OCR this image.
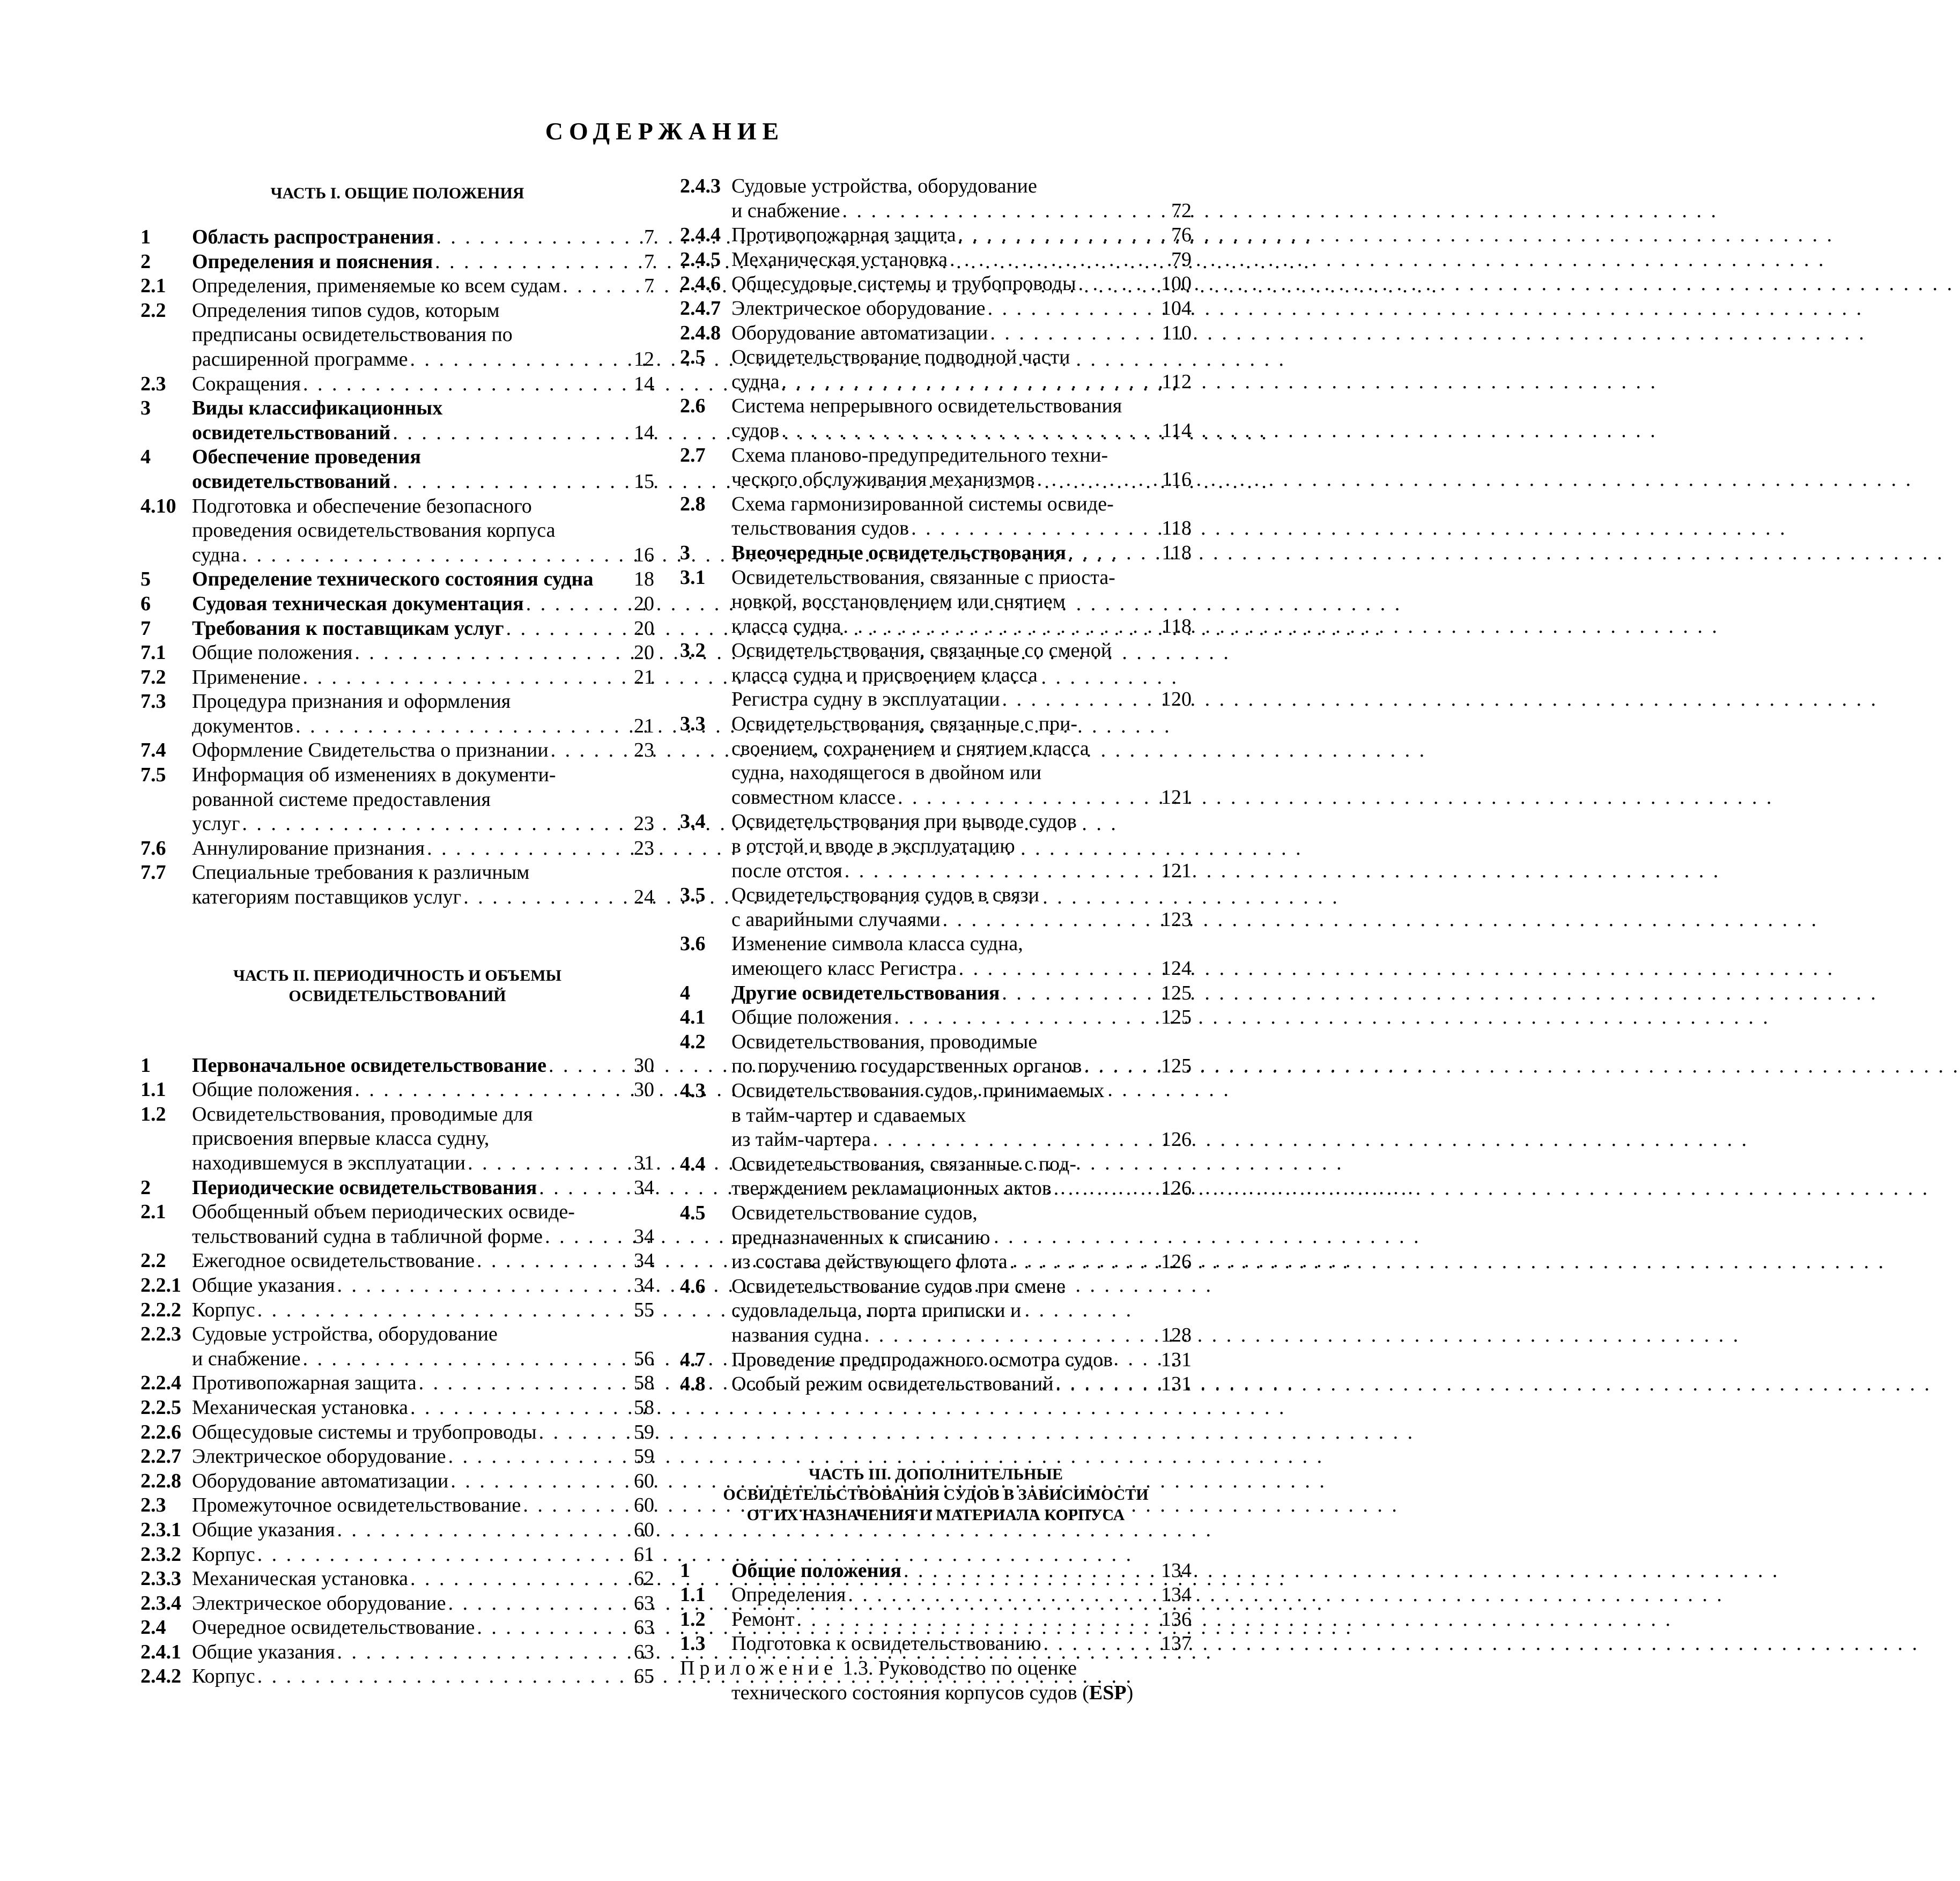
СОДЕРЖАНИЕ
ЧАСТЬ I. ОБЩИЕ ПОЛОЖЕНИЯ
1	Область распространения . . .	7
2	Определения и пояснения . . .	7
2.1	Определения, применяемые ко всем судам . . .	7
2.2	Определения типов судов, которым
предписаны освидетельствования по
расширенной программе . . .	12
2.3	Сокращения . . .	14
3	Виды классификационных
освидетельствований . . .	14
4	Обеспечение проведения
освидетельствований . . .	15
4.10 Подготовка и обеспечение безопасного
проведения освидетельствования корпуса
судна . . .	16
5	Определение технического состояния судна	18
6	Судовая техническая документация . . .	20
7	Требования к поставщикам услуг . . .	20
7.1	Общие положения . . .	20
7.2	Применение . . .	21
7.3	Процедура признания и оформления
документов . . .	21
7.4	Оформление Свидетельства о признании . . .	23
7.5	Информация об изменениях в документи-
рованной системе предоставления
услуг . . .	23
7.6	Аннулирование признания . . .	23
7.7	Специальные требования к различным
категориям поставщиков услуг . . .	24
ЧАСТЬ II. ПЕРИОДИЧНОСТЬ И ОБЪЕМЫ
ОСВИДЕТЕЛЬСТВОВАНИЙ
1	Первоначальное освидетельствование . . .	30
1.1	Общие положения . . .	30
1.2	Освидетельствования, проводимые для
присвоения впервые класса судну,
находившемуся в эксплуатации . . .	31
2	Периодические освидетельствования . . .	34
2.1	Обобщенный объем периодических освиде-
тельствований судна в табличной форме . . .	34
2.2	Ежегодное освидетельствование . . .	34
2.2.1 Общие указания . . .	34
2.2.2 Корпус . . .	55
2.2.3 Судовые устройства, оборудование
и снабжение . . .	56
2.2.4 Противопожарная защита . . .	58
2.2.5 Механическая установка . . .	58
2.2.6 Общесудовые системы и трубопроводы . . .	59
2.2.7 Электрическое оборудование . . .	59
2.2.8 Оборудование автоматизации . . .	60
2.3	Промежуточное освидетельствование . . .	60
2.3.1 Общие указания . . .	60
2.3.2 Корпус . . .	61
2.3.3 Механическая установка . . .	62
2.3.4 Электрическое оборудование . . .	63
2.4	Очередное освидетельствование . . .	63
2.4.1 Общие указания . . .	63
2.4.2 Корпус . . .	65
2.4.3 Судовые устройства, оборудование
и снабжение . . .	72
2.4.4 Противопожарная защита . . .	76
2.4.5 Механическая установка . . .	79
2.4.6 Общесудовые системы и трубопроводы . . .	100
2.4.7 Электрическое оборудование . . .	104
2.4.8 Оборудование автоматизации . . .	110
2.5	Освидетельствование подводной части
судна . . .	112
2.6	Система непрерывного освидетельствования
судов . . .	114
2.7	Схема планово-предупредительного техни-
ческого обслуживания механизмов . . .	116
2.8	Схема гармонизированной системы освиде-
тельствования судов . . .	118
3	Внеочередные освидетельствования . . .	118
3.1	Освидетельствования, связанные с приоста-
новкой, восстановлением или снятием
класса судна . . .	118
3.2	Освидетельствования, связанные со сменой
класса судна и присвоением класса
Регистра судну в эксплуатации . . .	120
3.3	Освидетельствования, связанные с при-
своением, сохранением и снятием класса
судна, находящегося в двойном или
совместном классе . . .	121
3.4	Освидетельствования при выводе судов
в отстой и вводе в эксплуатацию
после отстоя . . .	121
3.5	Освидетельствования судов в связи
с аварийными случаями . . .	123
3.6	Изменение символа класса судна,
имеющего класс Регистра . . .	124
4	Другие освидетельствования . . .	125
4.1	Общие положения . . .	125
4.2	Освидетельствования, проводимые
по поручению государственных органов . . .	125
4.3	Освидетельствования судов, принимаемых
в тайм-чартер и сдаваемых
из тайм-чартера . . .	126
4.4	Освидетельствования, связанные с под-
тверждением рекламационных актов . . .	126
4.5	Освидетельствование судов,
предназначенных к списанию
из состава действующего флота . . .	126
4.6	Освидетельствование судов при смене
судовладельца, порта приписки и
названия судна . . .	128
4.7	Проведение предпродажного осмотра судов	131
4.8	Особый режим освидетельствований . . .	131
ЧАСТЬ III. ДОПОЛНИТЕЛЬНЫЕ
ОСВИДЕТЕЛЬСТВОВАНИЯ СУДОВ В ЗАВИСИМОСТИ
ОТ ИХ НАЗНАЧЕНИЯ И МАТЕРИАЛА КОРПУСА
1	Общие положения . . .	134
1.1	Определения . . .	134
1.2	Ремонт . . .	136
1.3	Подготовка к освидетельствованию . . .	137
Приложение 1.3. Руководство по оценке
технического состояния корпусов судов (ESP)
